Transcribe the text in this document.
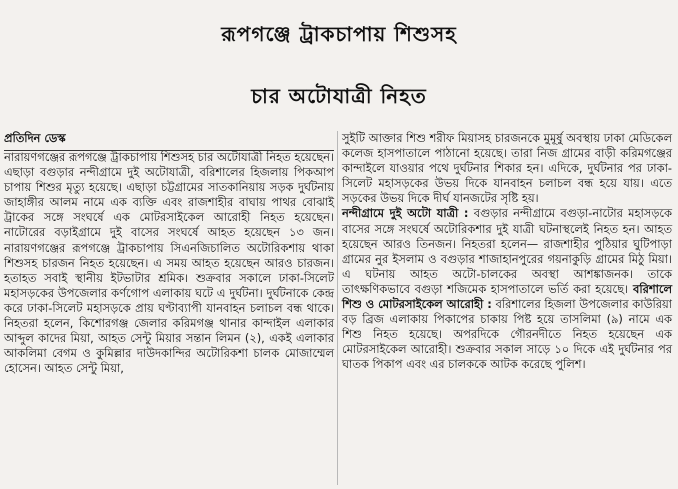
রূপগঞ্জে ট্রাকচাপায় শিশুসহ
চার অটোযাত্রী নিহত
প্রতিদিন ডেস্ক

নারায়ণগঞ্জের রূপগঞ্জে ট্রাকচাপায় শিশুসহ চার অটোযাত্রী নিহত হয়েছেন। এছাড়া বগুড়ার নন্দীগ্রামে দুই অটোযাত্রী, বরিশালের হিজলায় পিকআপ চাপায় শিশুর মৃত্যু হয়েছে। এছাড়া চট্টগ্রামের সাতকানিয়ায় সড়ক দুর্ঘটনায় জাহাঙ্গীর আলম নামে এক ব্যক্তি এবং রাজশাহীর বাঘায় পাথর বোঝাই ট্রাকের সঙ্গে সংঘর্ষে এক মোটরসাইকেল আরোহী নিহত হয়েছেন। নাটোরের বড়াইগ্রামে দুই বাসের সংঘর্ষে আহত হয়েছেন ১৩ জন। নারায়ণগঞ্জের রূপগঞ্জে ট্রাকচাপায় সিএনজিচালিত অটোরিকশায় থাকা শিশুসহ চারজন নিহত হয়েছেন। এ সময় আহত হয়েছেন আরও চারজন। হতাহত সবাই স্থানীয় ইটভাটার শ্রমিক। শুক্রবার সকালে ঢাকা-সিলেট মহাসড়কের উপজেলার কর্ণগোপ এলাকায় ঘটে এ দুর্ঘটনা। দুর্ঘটনাকে কেন্দ্র করে ঢাকা-সিলেট মহাসড়কে প্রায় ঘণ্টাব্যাপী যানবাহন চলাচল বন্ধ থাকে। নিহতরা হলেন, কিশোরগঞ্জ জেলার করিমগঞ্জ থানার কান্দাইল এলাকার আব্দুল কাদের মিয়া, আহত সেন্টু মিয়ার সন্তান লিমন (২), একই এলাকার আকলিমা বেগম ও কুমিল্লার দাউদকান্দির অটোরিকশা চালক মোজাম্মেল হোসেন। আহত সেন্টু মিয়া,

সুইটি আক্তার শিশু শরীফ মিয়াসহ চারজনকে মুমূর্ষু অবস্থায় ঢাকা মেডিকেল কলেজ হাসপাতালে পাঠানো হয়েছে। তারা নিজ গ্রামের বাড়ী করিমগঞ্জের কান্দাইলে যাওয়ার পথে দুর্ঘটনার শিকার হন। এদিকে, দুর্ঘটনার পর ঢাকা-সিলেট মহাসড়কের উভয় দিকে যানবাহন চলাচল বন্ধ হয়ে যায়। এতে সড়কের উভয় দিকে দীর্ঘ যানজটের সৃষ্টি হয়।
নন্দীগ্রামে দুই অটো যাত্রী : বগুড়ার নন্দীগ্রামে বগুড়া-নাটোর মহাসড়কে বাসের সঙ্গে সংঘর্ষে অটোরিকশার দুই যাত্রী ঘটনাস্থলেই নিহত হন। আহত হয়েছেন আরও তিনজন। নিহতরা হলেন— রাজশাহীর পুঠিয়ার ঘুটিপাড়া গ্রামের নুর ইসলাম ও বগুড়ার শাজাহানপুরের গয়নাকুড়ি গ্রামের মিঠু মিয়া। এ ঘটনায় আহত অটো-চালকের অবস্থা আশঙ্কাজনক। তাকে তাৎক্ষণিকভাবে বগুড়া শজিমেক হাসপাতালে ভর্তি করা হয়েছে। বরিশালে শিশু ও মোটরসাইকেল আরোহী : বরিশালের হিজলা উপজেলার কাউরিয়া বড় ব্রিজ এলাকায় পিকাপের চাকায় পিষ্ট হয়ে তাসলিমা (৯) নামে এক শিশু নিহত হয়েছে। অপরদিকে গৌরনদীতে নিহত হয়েছেন এক মোটরসাইকেল আরোহী। শুক্রবার সকাল সাড়ে ১০ দিকে এই দুর্ঘটনার পর ঘাতক পিকাপ এবং এর চালককে আটক করেছে পুলিশ।
